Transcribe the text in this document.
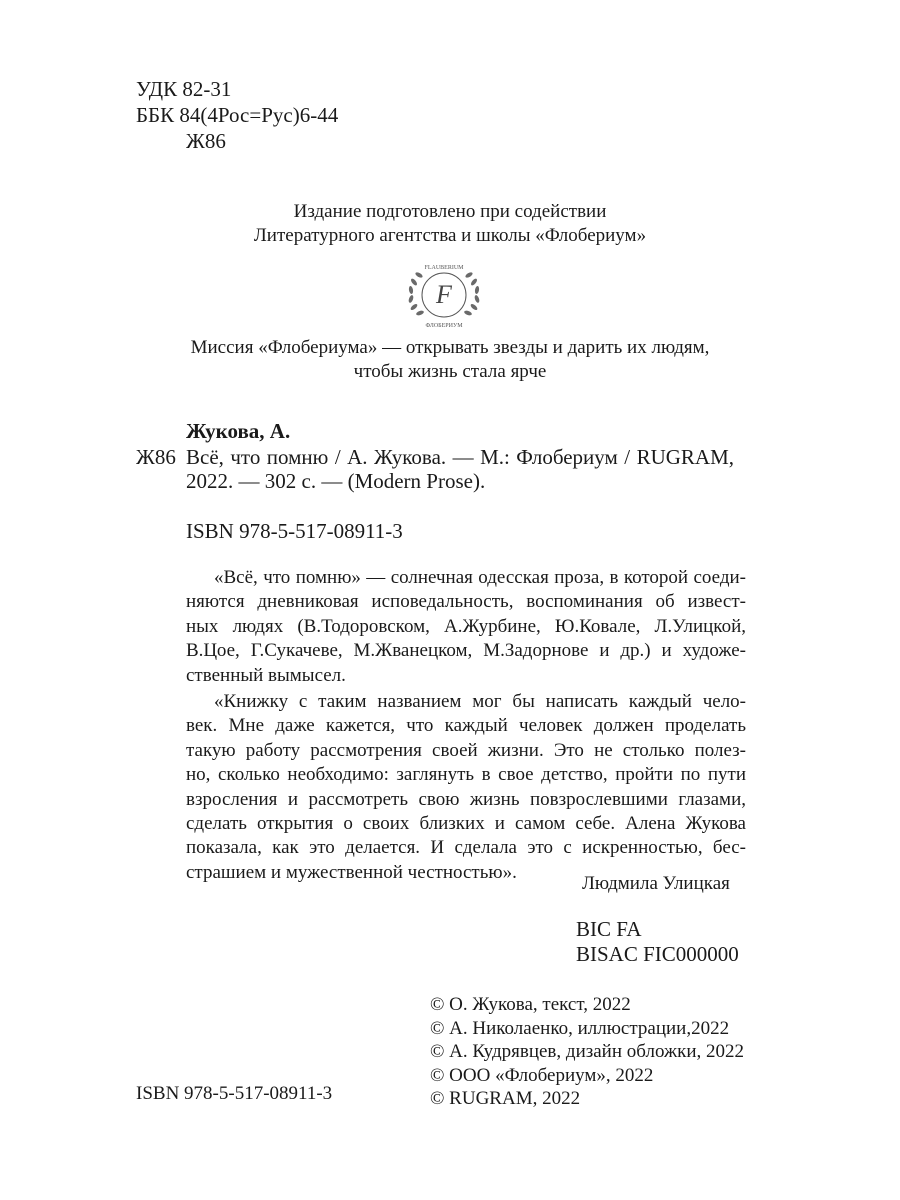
УДК 82-31
ББК 84(4Рос=Рус)6-44
Ж86
Издание подготовлено при содействии
Литературного агентства и школы «Флобериум»
FLAUBERIUM
F
ФЛОБЕРИУМ
Миссия «Флобериума» — открывать звезды и дарить их людям,
чтобы жизнь стала ярче
Жукова, А.
Ж86 Всё, что помню / А. Жукова. — М.: Флобериум / RUGRAM,
2022. — 302 с. — (Modern Prose).
ISBN 978-5-517-08911-3
«Всё, что помню» — солнечная одесская проза, в которой соеди-
няются дневниковая исповедальность, воспоминания об извест-
ных людях (В.Тодоровском, А.Журбине, Ю.Ковале, Л.Улицкой,
В.Цое, Г.Сукачеве, М.Жванецком, М.Задорнове и др.) и художе-
ственный вымысел.
«Книжку с таким названием мог бы написать каждый чело-
век. Мне даже кажется, что каждый человек должен проделать
такую работу рассмотрения своей жизни. Это не столько полез-
но, сколько необходимо: заглянуть в свое детство, пройти по пути
взросления и рассмотреть свою жизнь повзрослевшими глазами,
сделать открытия о своих близких и самом себе. Алена Жукова
показала, как это делается. И сделала это с искренностью, бес-
страшием и мужественной честностью».
Людмила Улицкая
BIC FA
BISAC FIC000000
© О. Жукова, текст, 2022
© А. Николаенко, иллюстрации,2022
© А. Кудрявцев, дизайн обложки, 2022
© ООО «Флобериум», 2022
© RUGRAM, 2022
ISBN 978-5-517-08911-3
